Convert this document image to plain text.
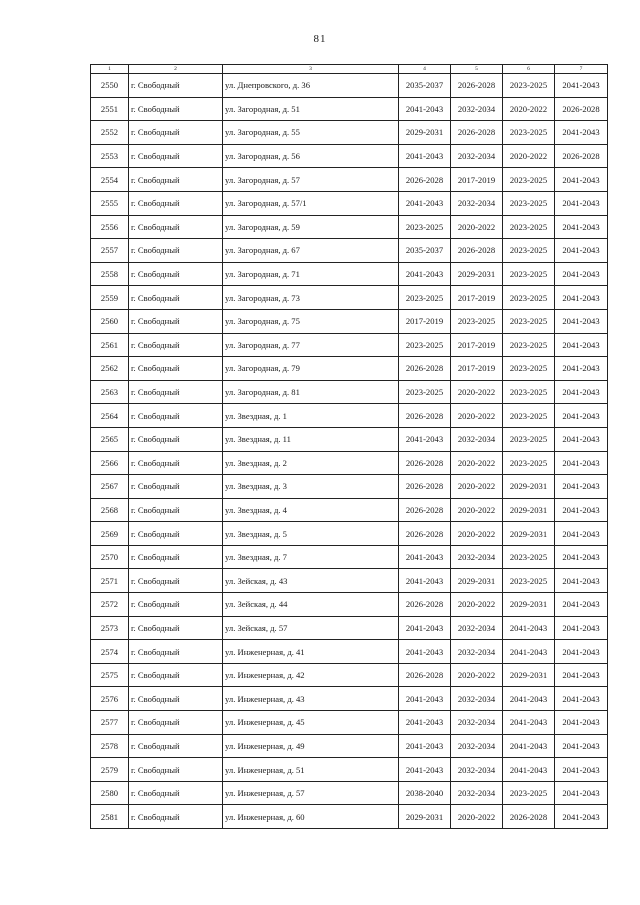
81
1	2	3	4	5	6	7
2550	г. Свободный	ул. Днепровского, д. 36	2035-2037	2026-2028	2023-2025	2041-2043
2551	г. Свободный	ул. Загородная, д. 51	2041-2043	2032-2034	2020-2022	2026-2028
2552	г. Свободный	ул. Загородная, д. 55	2029-2031	2026-2028	2023-2025	2041-2043
2553	г. Свободный	ул. Загородная, д. 56	2041-2043	2032-2034	2020-2022	2026-2028
2554	г. Свободный	ул. Загородная, д. 57	2026-2028	2017-2019	2023-2025	2041-2043
2555	г. Свободный	ул. Загородная, д. 57/1	2041-2043	2032-2034	2023-2025	2041-2043
2556	г. Свободный	ул. Загородная, д. 59	2023-2025	2020-2022	2023-2025	2041-2043
2557	г. Свободный	ул. Загородная, д. 67	2035-2037	2026-2028	2023-2025	2041-2043
2558	г. Свободный	ул. Загородная, д. 71	2041-2043	2029-2031	2023-2025	2041-2043
2559	г. Свободный	ул. Загородная, д. 73	2023-2025	2017-2019	2023-2025	2041-2043
2560	г. Свободный	ул. Загородная, д. 75	2017-2019	2023-2025	2023-2025	2041-2043
2561	г. Свободный	ул. Загородная, д. 77	2023-2025	2017-2019	2023-2025	2041-2043
2562	г. Свободный	ул. Загородная, д. 79	2026-2028	2017-2019	2023-2025	2041-2043
2563	г. Свободный	ул. Загородная, д. 81	2023-2025	2020-2022	2023-2025	2041-2043
2564	г. Свободный	ул. Звездная, д. 1	2026-2028	2020-2022	2023-2025	2041-2043
2565	г. Свободный	ул. Звездная, д. 11	2041-2043	2032-2034	2023-2025	2041-2043
2566	г. Свободный	ул. Звездная, д. 2	2026-2028	2020-2022	2023-2025	2041-2043
2567	г. Свободный	ул. Звездная, д. 3	2026-2028	2020-2022	2029-2031	2041-2043
2568	г. Свободный	ул. Звездная, д. 4	2026-2028	2020-2022	2029-2031	2041-2043
2569	г. Свободный	ул. Звездная, д. 5	2026-2028	2020-2022	2029-2031	2041-2043
2570	г. Свободный	ул. Звездная, д. 7	2041-2043	2032-2034	2023-2025	2041-2043
2571	г. Свободный	ул. Зейская, д. 43	2041-2043	2029-2031	2023-2025	2041-2043
2572	г. Свободный	ул. Зейская, д. 44	2026-2028	2020-2022	2029-2031	2041-2043
2573	г. Свободный	ул. Зейская, д. 57	2041-2043	2032-2034	2041-2043	2041-2043
2574	г. Свободный	ул. Инженерная, д. 41	2041-2043	2032-2034	2041-2043	2041-2043
2575	г. Свободный	ул. Инженерная, д. 42	2026-2028	2020-2022	2029-2031	2041-2043
2576	г. Свободный	ул. Инженерная, д. 43	2041-2043	2032-2034	2041-2043	2041-2043
2577	г. Свободный	ул. Инженерная, д. 45	2041-2043	2032-2034	2041-2043	2041-2043
2578	г. Свободный	ул. Инженерная, д. 49	2041-2043	2032-2034	2041-2043	2041-2043
2579	г. Свободный	ул. Инженерная, д. 51	2041-2043	2032-2034	2041-2043	2041-2043
2580	г. Свободный	ул. Инженерная, д. 57	2038-2040	2032-2034	2023-2025	2041-2043
2581	г. Свободный	ул. Инженерная, д. 60	2029-2031	2020-2022	2026-2028	2041-2043
